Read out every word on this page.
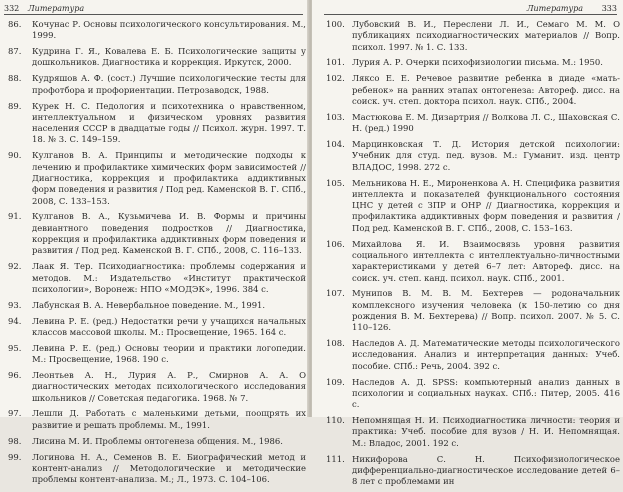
332 Литература
86. Кочунас Р. Основы психологического консультирования. М., 1999.
87. Кудрина Г. Я., Ковалева Е. Б. Психологические защиты у дошкольников. Диагностика и коррекция. Иркутск, 2000.
88. Кудряшов А. Ф. (сост.) Лучшие психологические тесты для профотбора и профориентации. Петрозаводск, 1988.
89. Курек Н. С. Педология и психотехника о нравственном, интеллектуальном и физическом уровнях развития населения СССР в двадцатые годы // Психол. журн. 1997. Т. 18. № 3. С. 149–159.
90. Кулганов В. А. Принципы и методические подходы к лечению и профилактике химических форм зависимостей // Диагностика, коррекция и профилактика аддиктивных форм поведения и развития / Под ред. Каменской В. Г. СПб., 2008, С. 133–153.
91. Кулганов В. А., Кузьмичева И. В. Формы и причины девиантного поведения подростков // Диагностика, коррекция и профилактика аддиктивных форм поведения и развития / Под ред. Каменской В. Г. СПб., 2008, С. 116–133.
92. Лаак Я. Тер. Психодиагностика: проблемы содержания и методов. М.: Издательство «Институт практической психологии», Воронеж: НПО «МОДЭК», 1996. 384 с.
93. Лабунская В. А. Невербальное поведение. М., 1991.
94. Левина Р. Е. (ред.) Недостатки речи у учащихся начальных классов массовой школы. М.: Просвещение, 1965. 164 с.
95. Левина Р. Е. (ред.) Основы теории и практики логопедии. М.: Просвещение, 1968. 190 с.
96. Леонтьев А. Н., Лурия А. Р., Смирнов А. А. О диагностических методах психологического исследования школьников // Советская педагогика. 1968. № 7.
97. Лешли Д. Работать с маленькими детьми, поощрять их развитие и решать проблемы. М., 1991.
98. Лисина М. И. Проблемы онтогенеза общения. М., 1986.
99. Логинова Н. А., Семенов В. Е. Биографический метод и контент-анализ // Методологические и методические проблемы контент-анализа. М.; Л., 1973. С. 104–106.
Литература 333
100. Лубовский В. И., Переслени Л. И., Семаго М. М. О публикациях психодиагностических материалов // Вопр. психол. 1997. № 1. С. 133.
101. Лурия А. Р. Очерки психофизиологии письма. М.: 1950.
102. Ляксо Е. Е. Речевое развитие ребенка в диаде «мать-ребенок» на ранних этапах онтогенеза: Автореф. дисс. на соиск. уч. степ. доктора психол. наук. СПб., 2004.
103. Мастюкова Е. М. Дизартрия // Волкова Л. С., Шаховская С. Н. (ред.) 1990
104. Марцинковская Т. Д. История детской психологии: Учебник для студ. пед. вузов. М.: Гуманит. изд. центр ВЛАДОС, 1998. 272 с.
105. Мельникова Н. Е., Мироненкова А. Н. Специфика развития интеллекта и показателей функционального состояния ЦНС у детей с ЗПР и ОНР // Диагностика, коррекция и профилактика аддиктивных форм поведения и развития / Под ред. Каменской В. Г. СПб., 2008, С. 153–163.
106. Михайлова Я. И. Взаимосвязь уровня развития социального интеллекта с интеллектуально-личностными характеристиками у детей 6–7 лет: Автореф. дисс. на соиск. уч. степ. канд. психол. наук. СПб., 2001.
107. Мунипов В. М. В. М. Бехтерев — родоначальник комплексного изучения человека (к 150-летию со дня рождения В. М. Бехтерева) // Вопр. психол. 2007. № 5. С. 110–126.
108. Наследов А. Д. Математические методы психологического исследования. Анализ и интерпретация данных: Учеб. пособие. СПб.: Речь, 2004. 392 с.
109. Наследов А. Д. SPSS: компьютерный анализ данных в психологии и социальных науках. СПб.: Питер, 2005. 416 с.
110. Непомнящая Н. И. Психодиагностика личности: теория и практика: Учеб. пособие для вузов / Н. И. Непомнящая. М.: Владос, 2001. 192 с.
111. Никифорова С. Н. Психофизиологическое дифференциально-диагностическое исследование детей 6–8 лет с проблемами ин
